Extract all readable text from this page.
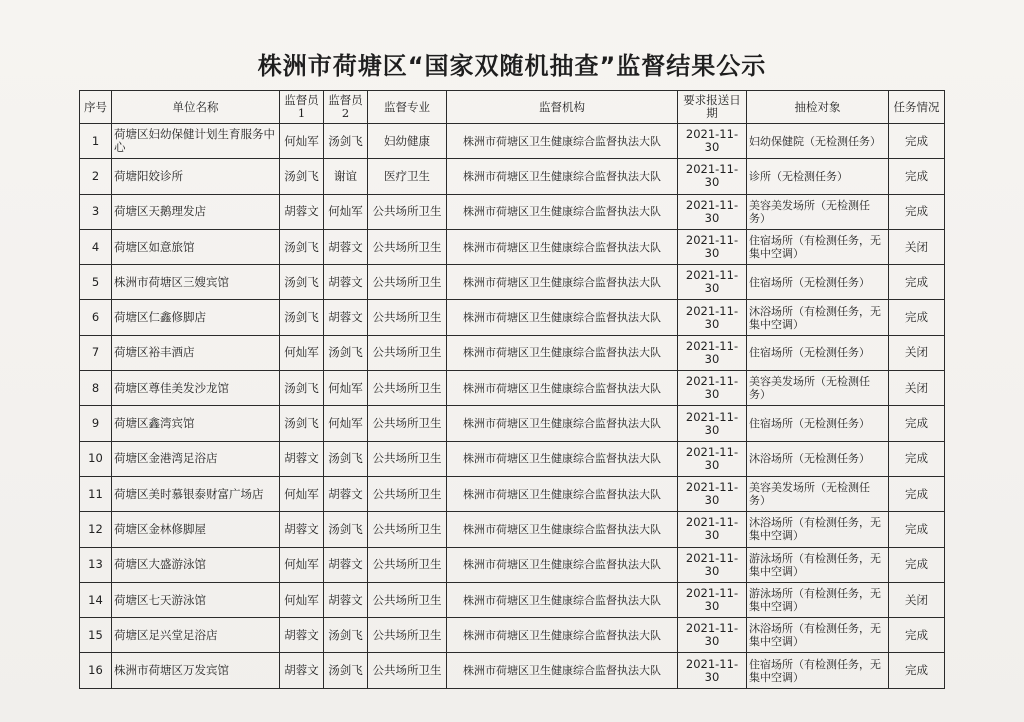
株洲市荷塘区“国家双随机抽查”监督结果公示
序号	单位名称	监督员1	监督员2	监督专业	监督机构	要求报送日期	抽检对象	任务情况
1	荷塘区妇幼保健计划生育服务中心	何灿军	汤剑飞	妇幼健康	株洲市荷塘区卫生健康综合监督执法大队	2021-11-30	妇幼保健院（无检测任务）	完成
2	荷塘阳姣诊所	汤剑飞	谢谊	医疗卫生	株洲市荷塘区卫生健康综合监督执法大队	2021-11-30	诊所（无检测任务）	完成
3	荷塘区天鹅理发店	胡蓉文	何灿军	公共场所卫生	株洲市荷塘区卫生健康综合监督执法大队	2021-11-30	美容美发场所（无检测任务）	完成
4	荷塘区如意旅馆	汤剑飞	胡蓉文	公共场所卫生	株洲市荷塘区卫生健康综合监督执法大队	2021-11-30	住宿场所（有检测任务，无集中空调）	关闭
5	株洲市荷塘区三嫂宾馆	汤剑飞	胡蓉文	公共场所卫生	株洲市荷塘区卫生健康综合监督执法大队	2021-11-30	住宿场所（无检测任务）	完成
6	荷塘区仁鑫修脚店	汤剑飞	胡蓉文	公共场所卫生	株洲市荷塘区卫生健康综合监督执法大队	2021-11-30	沐浴场所（有检测任务，无集中空调）	完成
7	荷塘区裕丰酒店	何灿军	汤剑飞	公共场所卫生	株洲市荷塘区卫生健康综合监督执法大队	2021-11-30	住宿场所（无检测任务）	关闭
8	荷塘区尊佳美发沙龙馆	汤剑飞	何灿军	公共场所卫生	株洲市荷塘区卫生健康综合监督执法大队	2021-11-30	美容美发场所（无检测任务）	关闭
9	荷塘区鑫湾宾馆	汤剑飞	何灿军	公共场所卫生	株洲市荷塘区卫生健康综合监督执法大队	2021-11-30	住宿场所（无检测任务）	完成
10	荷塘区金港湾足浴店	胡蓉文	汤剑飞	公共场所卫生	株洲市荷塘区卫生健康综合监督执法大队	2021-11-30	沐浴场所（无检测任务）	完成
11	荷塘区美时慕银泰财富广场店	何灿军	胡蓉文	公共场所卫生	株洲市荷塘区卫生健康综合监督执法大队	2021-11-30	美容美发场所（无检测任务）	完成
12	荷塘区金林修脚屋	胡蓉文	汤剑飞	公共场所卫生	株洲市荷塘区卫生健康综合监督执法大队	2021-11-30	沐浴场所（有检测任务，无集中空调）	完成
13	荷塘区大盛游泳馆	何灿军	胡蓉文	公共场所卫生	株洲市荷塘区卫生健康综合监督执法大队	2021-11-30	游泳场所（有检测任务，无集中空调）	完成
14	荷塘区七天游泳馆	何灿军	胡蓉文	公共场所卫生	株洲市荷塘区卫生健康综合监督执法大队	2021-11-30	游泳场所（有检测任务，无集中空调）	关闭
15	荷塘区足兴堂足浴店	胡蓉文	汤剑飞	公共场所卫生	株洲市荷塘区卫生健康综合监督执法大队	2021-11-30	沐浴场所（有检测任务，无集中空调）	完成
16	株洲市荷塘区万发宾馆	胡蓉文	汤剑飞	公共场所卫生	株洲市荷塘区卫生健康综合监督执法大队	2021-11-30	住宿场所（有检测任务，无集中空调）	完成
